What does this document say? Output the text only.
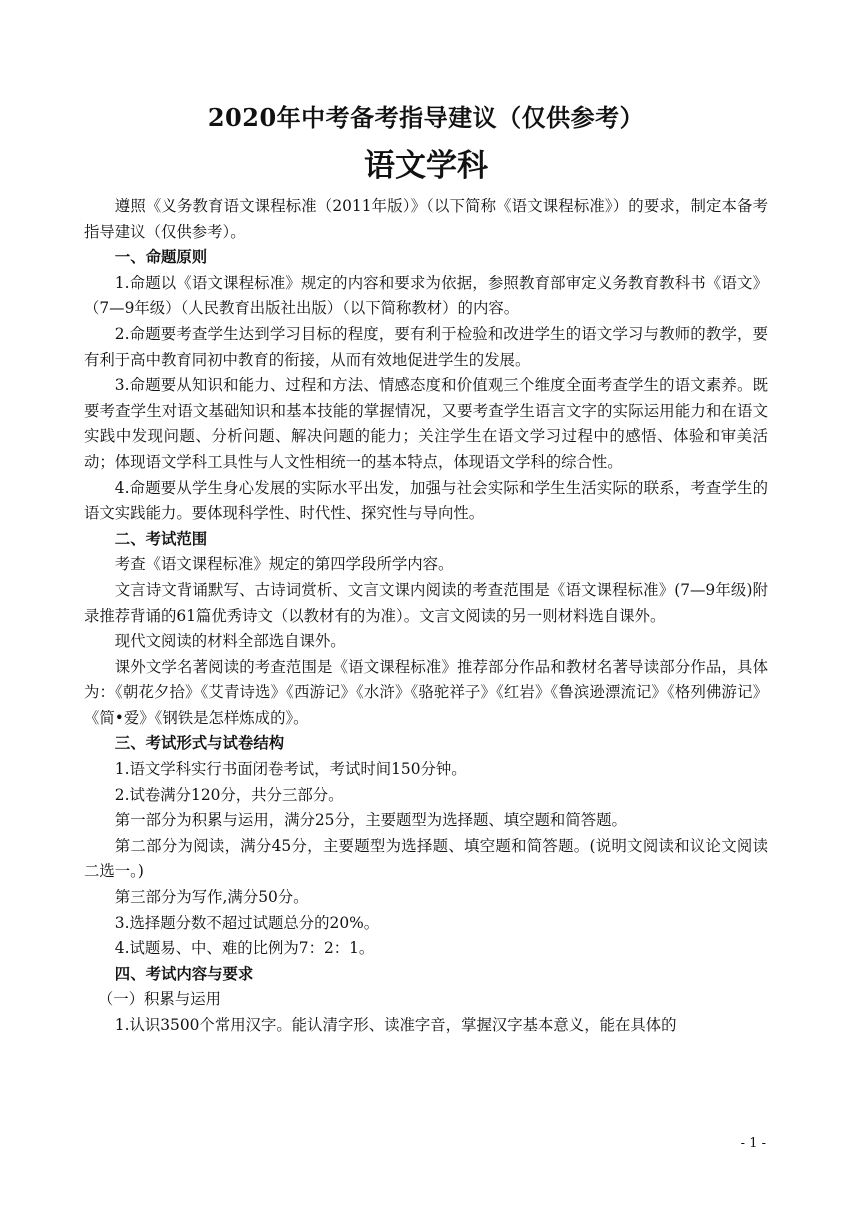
2020年中考备考指导建议（仅供参考）
语文学科

遵照《义务教育语文课程标准（2011年版）》（以下简称《语文课程标准》）的要求，制定本备考指导建议（仅供参考）。

一、命题原则

1.命题以《语文课程标准》规定的内容和要求为依据，参照教育部审定义务教育教科书《语文》（7—9年级）（人民教育出版社出版）（以下简称教材）的内容。

2.命题要考查学生达到学习目标的程度，要有利于检验和改进学生的语文学习与教师的教学，要有利于高中教育同初中教育的衔接，从而有效地促进学生的发展。

3.命题要从知识和能力、过程和方法、情感态度和价值观三个维度全面考查学生的语文素养。既要考查学生对语文基础知识和基本技能的掌握情况，又要考查学生语言文字的实际运用能力和在语文实践中发现问题、分析问题、解决问题的能力；关注学生在语文学习过程中的感悟、体验和审美活动；体现语文学科工具性与人文性相统一的基本特点，体现语文学科的综合性。

4.命题要从学生身心发展的实际水平出发，加强与社会实际和学生生活实际的联系，考查学生的语文实践能力。要体现科学性、时代性、探究性与导向性。

二、考试范围

考查《语文课程标准》规定的第四学段所学内容。

文言诗文背诵默写、古诗词赏析、文言文课内阅读的考查范围是《语文课程标准》(7—9年级)附录推荐背诵的61篇优秀诗文（以教材有的为准）。文言文阅读的另一则材料选自课外。

现代文阅读的材料全部选自课外。

课外文学名著阅读的考查范围是《语文课程标准》推荐部分作品和教材名著导读部分作品，具体为：《朝花夕拾》《艾青诗选》《西游记》《水浒》《骆驼祥子》《红岩》《鲁滨逊漂流记》《格列佛游记》《简•爱》《钢铁是怎样炼成的》。

三、考试形式与试卷结构

1.语文学科实行书面闭卷考试，考试时间150分钟。

2.试卷满分120分，共分三部分。

第一部分为积累与运用，满分25分，主要题型为选择题、填空题和简答题。

第二部分为阅读，满分45分，主要题型为选择题、填空题和简答题。(说明文阅读和议论文阅读二选一。)

第三部分为写作,满分50分。

3.选择题分数不超过试题总分的20%。

4.试题易、中、难的比例为7：2：1。

四、考试内容与要求

（一）积累与运用

1.认识3500个常用汉字。能认清字形、读准字音，掌握汉字基本意义，能在具体的

- 1 -
